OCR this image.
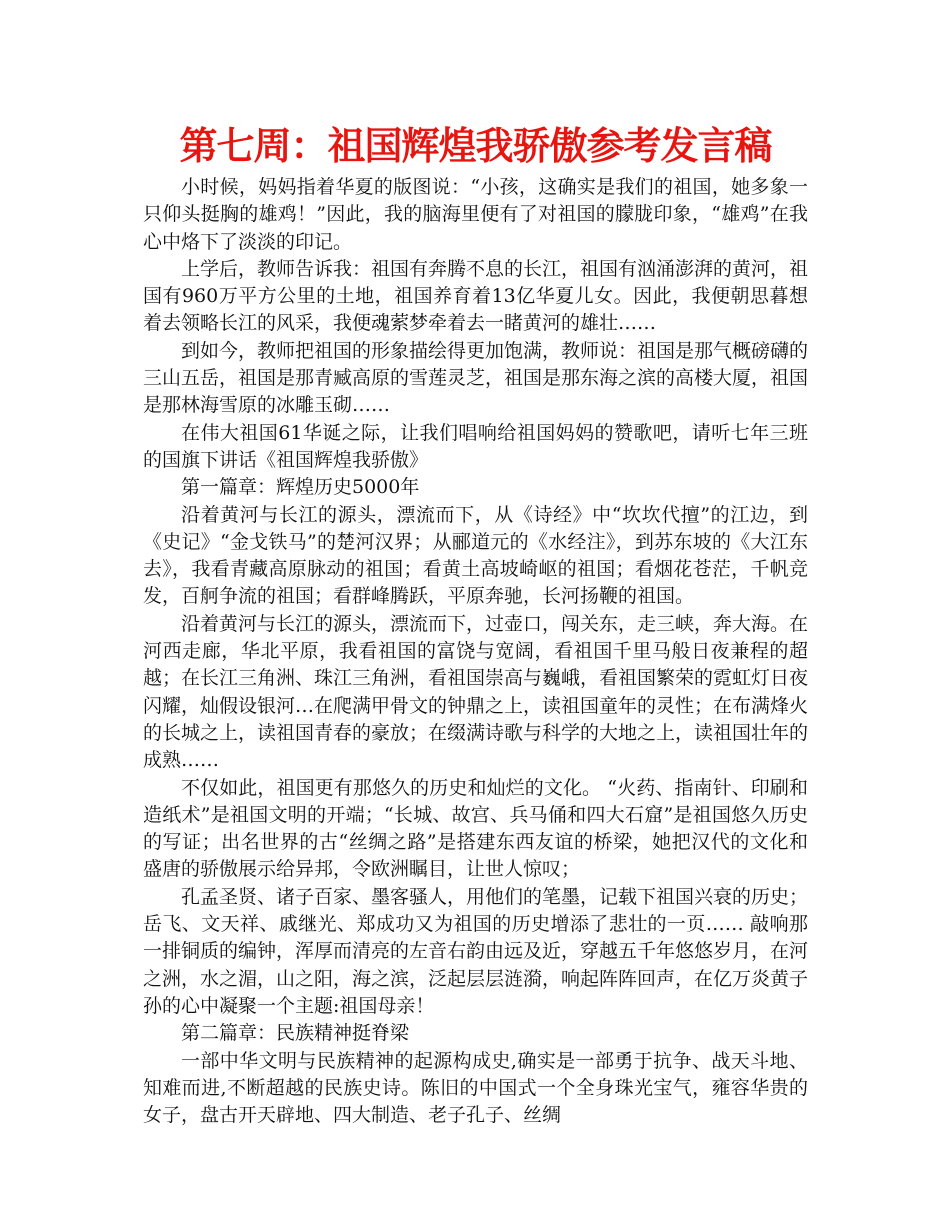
第七周：祖国辉煌我骄傲参考发言稿

小时候，妈妈指着华夏的版图说：“小孩，这确实是我们的祖国，她多象一只仰头挺胸的雄鸡！”因此，我的脑海里便有了对祖国的朦胧印象，“雄鸡”在我心中烙下了淡淡的印记。

上学后，教师告诉我：祖国有奔腾不息的长江，祖国有汹涌澎湃的黄河，祖国有960万平方公里的土地，祖国养育着13亿华夏儿女。因此，我便朝思暮想着去领略长江的风采，我便魂萦梦牵着去一睹黄河的雄壮……

到如今，教师把祖国的形象描绘得更加饱满，教师说：祖国是那气概磅礴的三山五岳，祖国是那青臧高原的雪莲灵芝，祖国是那东海之滨的高楼大厦，祖国是那林海雪原的冰雕玉砌……

在伟大祖国61华诞之际，让我们唱响给祖国妈妈的赞歌吧，请听七年三班的国旗下讲话《祖国辉煌我骄傲》

第一篇章：辉煌历史5000年

沿着黄河与长江的源头，漂流而下，从《诗经》中“坎坎代擅”的江边，到《史记》“金戈铁马”的楚河汉界；从郦道元的《水经注》，到苏东坡的《大江东去》，我看青藏高原脉动的祖国；看黄土高坡崎岖的祖国；看烟花苍茫，千帆竞发，百舸争流的祖国；看群峰腾跃，平原奔驰，长河扬鞭的祖国。

沿着黄河与长江的源头，漂流而下，过壶口，闯关东，走三峡，奔大海。在河西走廊，华北平原，我看祖国的富饶与宽阔，看祖国千里马般日夜兼程的超越；在长江三角洲、珠江三角洲，看祖国崇高与巍峨，看祖国繁荣的霓虹灯日夜闪耀，灿假设银河…在爬满甲骨文的钟鼎之上，读祖国童年的灵性；在布满烽火的长城之上，读祖国青春的豪放；在缀满诗歌与科学的大地之上，读祖国壮年的成熟……

不仅如此，祖国更有那悠久的历史和灿烂的文化。 “火药、指南针、印刷和造纸术”是祖国文明的开端；“长城、故宫、兵马俑和四大石窟”是祖国悠久历史的写证；出名世界的古“丝绸之路”是搭建东西友谊的桥梁，她把汉代的文化和盛唐的骄傲展示给异邦，令欧洲瞩目，让世人惊叹；

孔孟圣贤、诸子百家、墨客骚人，用他们的笔墨，记载下祖国兴衰的历史；岳飞、文天祥、戚继光、郑成功又为祖国的历史增添了悲壮的一页…… 敲响那一排铜质的编钟，浑厚而清亮的左音右韵由远及近，穿越五千年悠悠岁月，在河之洲，水之湄，山之阳，海之滨，泛起层层涟漪，响起阵阵回声，在亿万炎黄子孙的心中凝聚一个主题:祖国母亲！

第二篇章：民族精神挺脊梁

一部中华文明与民族精神的起源构成史,确实是一部勇于抗争、战天斗地、知难而进,不断超越的民族史诗。陈旧的中国式一个全身珠光宝气，雍容华贵的女子，盘古开天辟地、四大制造、老子孔子、丝绸
